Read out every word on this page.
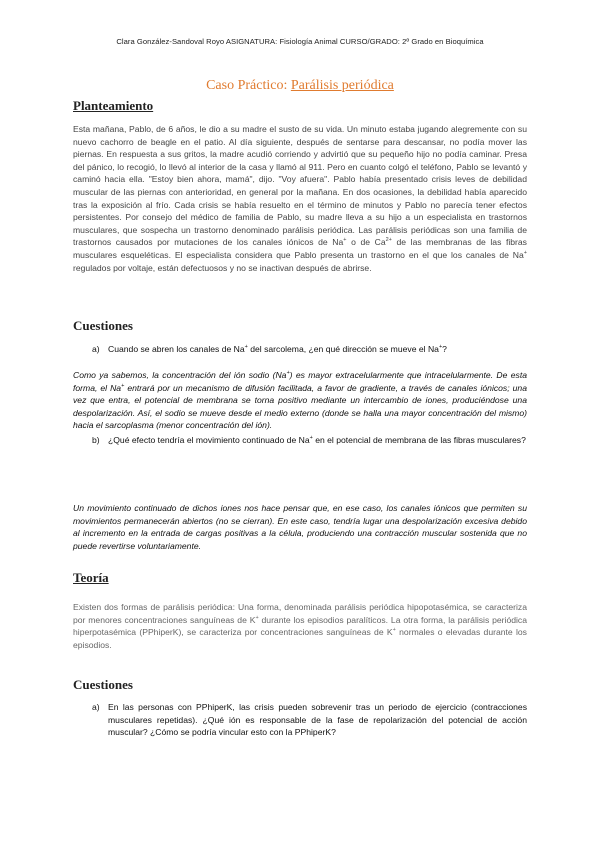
Clara González-Sandoval Royo ASIGNATURA: Fisiología Animal CURSO/GRADO: 2º Grado en Bioquímica
Caso Práctico: Parálisis periódica
Planteamiento

Esta mañana, Pablo, de 6 años, le dio a su madre el susto de su vida. Un minuto estaba jugando alegremente con su nuevo cachorro de beagle en el patio. Al día siguiente, después de sentarse para descansar, no podía mover las piernas. En respuesta a sus gritos, la madre acudió corriendo y advirtió que su pequeño hijo no podía caminar. Presa del pánico, lo recogió, lo llevó al interior de la casa y llamó al 911. Pero en cuanto colgó el teléfono, Pablo se levantó y caminó hacia ella. "Estoy bien ahora, mamá", dijo. "Voy afuera". Pablo había presentado crisis leves de debilidad muscular de las piernas con anterioridad, en general por la mañana. En dos ocasiones, la debilidad había aparecido tras la exposición al frío. Cada crisis se había resuelto en el término de minutos y Pablo no parecía tener efectos persistentes. Por consejo del médico de familia de Pablo, su madre lleva a su hijo a un especialista en trastornos musculares, que sospecha un trastorno denominado parálisis periódica. Las parálisis periódicas son una familia de trastornos causados por mutaciones de los canales iónicos de Na+ o de $Ca^{2+}$ de las membranas de las fibras musculares esqueléticas. El especialista considera que Pablo presenta un trastorno en el que los canales de Na+ regulados por voltaje, están defectuosos y no se inactivan después de abrirse.

Cuestiones

a) Cuando se abren los canales de Na+ del sarcolema, ¿en qué dirección se mueve el Na+?

Como ya sabemos, la concentración del ión sodio (Na+) es mayor extracelularmente que intracelularmente. De esta forma, el Na+ entrará por un mecanismo de difusión facilitada, a favor de gradiente, a través de canales iónicos; una vez que entra, el potencial de membrana se torna positivo mediante un intercambio de iones, produciéndose una despolarización. Así, el sodio se mueve desde el medio externo (donde se halla una mayor concentración del mismo) hacia el sarcoplasma (menor concentración del ión).

b) ¿Qué efecto tendría el movimiento continuado de Na+ en el potencial de membrana de las fibras musculares?

Un movimiento continuado de dichos iones nos hace pensar que, en ese caso, los canales iónicos que permiten su movimientos permanecerán abiertos (no se cierran). En este caso, tendría lugar una despolarización excesiva debido al incremento en la entrada de cargas positivas a la célula, produciendo una contracción muscular sostenida que no puede revertirse voluntariamente.

Teoría

Existen dos formas de parálisis periódica: Una forma, denominada parálisis periódica hipopotasémica, se caracteriza por menores concentraciones sanguíneas de K+ durante los episodios paralíticos. La otra forma, la parálisis periódica hiperpotasémica (PPhiperK), se caracteriza por concentraciones sanguíneas de K+ normales o elevadas durante los episodios.

Cuestiones

a) En las personas con PPhiperK, las crisis pueden sobrevenir tras un periodo de ejercicio (contracciones musculares repetidas). ¿Qué ión es responsable de la fase de repolarización del potencial de acción muscular? ¿Cómo se podría vincular esto con la PPhiperK?
